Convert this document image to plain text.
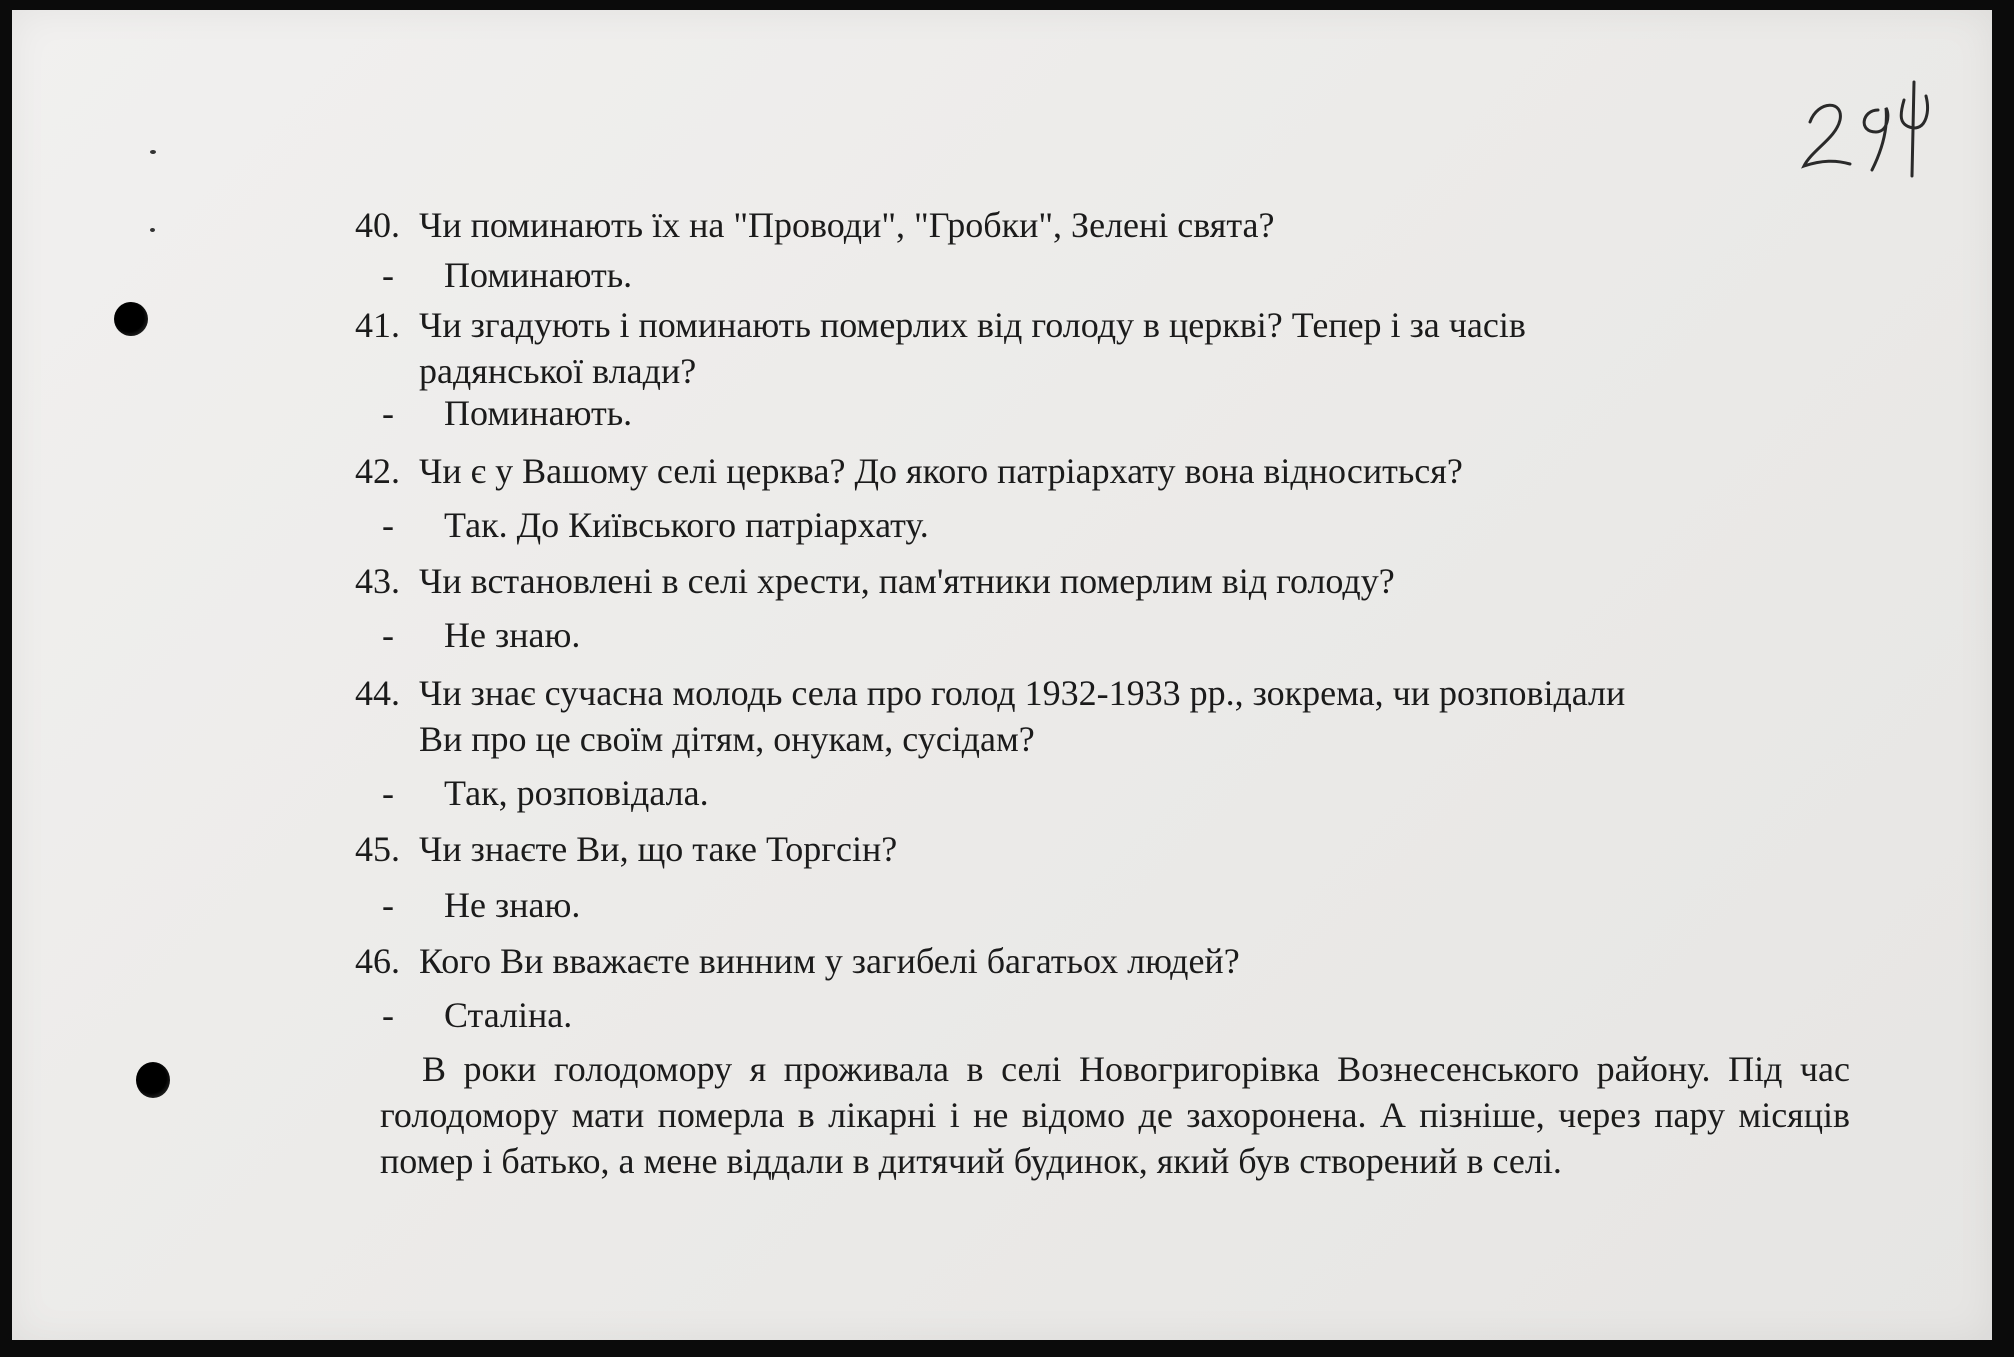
40. Чи поминають їх на "Проводи", "Гробки", Зелені свята?
- Поминають.
41. Чи згадують і поминають померлих від голоду в церкві? Тепер і за часів
радянської влади?
- Поминають.
42. Чи є у Вашому селі церква? До якого патріархату вона відноситься?
- Так. До Київського патріархату.
43. Чи встановлені в селі хрести, пам'ятники померлим від голоду?
- Не знаю.
44. Чи знає сучасна молодь села про голод 1932-1933 рр., зокрема, чи розповідали
Ви про це своїм дітям, онукам, сусідам?
- Так, розповідала.
45. Чи знаєте Ви, що таке Торгсін?
- Не знаю.
46. Кого Ви вважаєте винним у загибелі багатьох людей?
- Сталіна.
В роки голодомору я проживала в селі Новогригорівка Вознесенського району. Під час голодомору мати померла в лікарні і не відомо де захоронена. А пізніше, через пару місяців помер і батько, а мене віддали в дитячий будинок, який був створений в селі.
